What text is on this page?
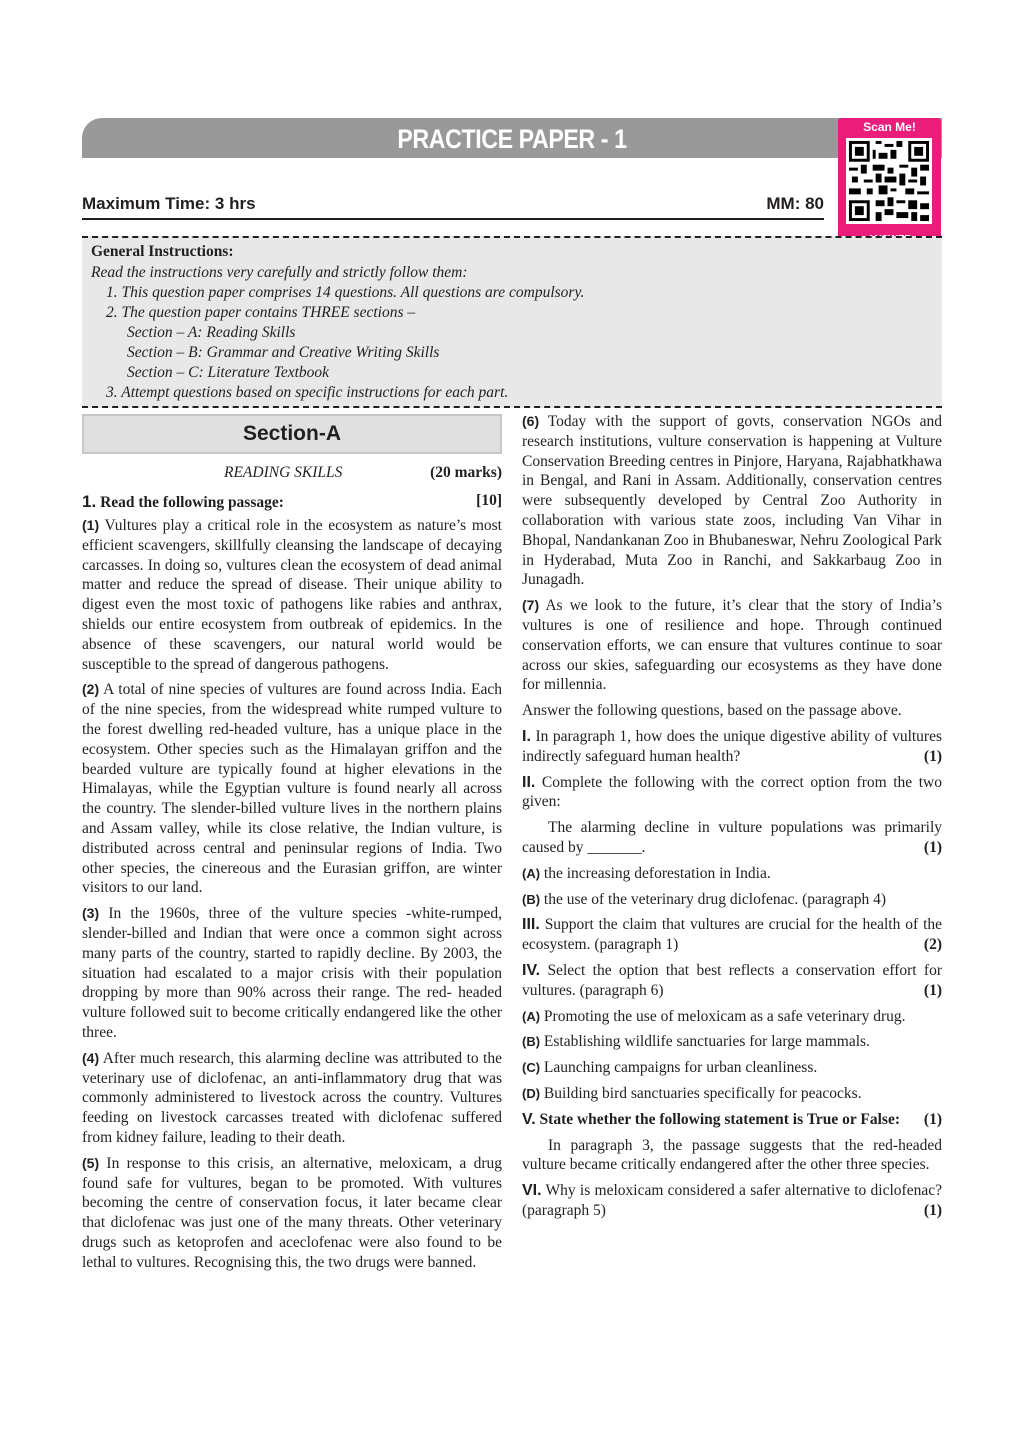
PRACTICE PAPER - 1	Scan Me!
Maximum Time: 3 hrs	MM: 80
General Instructions:
Read the instructions very carefully and strictly follow them:
1. This question paper comprises 14 questions. All questions are compulsory.
2. The question paper contains THREE sections –
Section – A: Reading Skills
Section – B: Grammar and Creative Writing Skills
Section – C: Literature Textbook
3. Attempt questions based on specific instructions for each part.
Section-A
READING SKILLS	(20 marks)
1. Read the following passage:	[10]

(1) Vultures play a critical role in the ecosystem as nature’s most efficient scavengers, skillfully cleansing the landscape of decaying carcasses. In doing so, vultures clean the ecosystem of dead animal matter and reduce the spread of disease. Their unique ability to digest even the most toxic of pathogens like rabies and anthrax, shields our entire ecosystem from outbreak of epidemics. In the absence of these scavengers, our natural world would be susceptible to the spread of dangerous pathogens.

(2) A total of nine species of vultures are found across India. Each of the nine species, from the widespread white rumped vulture to the forest dwelling red-headed vulture, has a unique place in the ecosystem. Other species such as the Himalayan griffon and the bearded vulture are typically found at higher elevations in the Himalayas, while the Egyptian vulture is found nearly all across the country. The slender-billed vulture lives in the northern plains and Assam valley, while its close relative, the Indian vulture, is distributed across central and peninsular regions of India. Two other species, the cinereous and the Eurasian griffon, are winter visitors to our land.

(3) In the 1960s, three of the vulture species -white-rumped, slender-billed and Indian that were once a common sight across many parts of the country, started to rapidly decline. By 2003, the situation had escalated to a major crisis with their population dropping by more than 90% across their range. The red- headed vulture followed suit to become critically endangered like the other three.

(4) After much research, this alarming decline was attributed to the veterinary use of diclofenac, an anti-inflammatory drug that was commonly administered to livestock across the country. Vultures feeding on livestock carcasses treated with diclofenac suffered from kidney failure, leading to their death.

(5) In response to this crisis, an alternative, meloxicam, a drug found safe for vultures, began to be promoted. With vultures becoming the centre of conservation focus, it later became clear that diclofenac was just one of the many threats. Other veterinary drugs such as ketoprofen and aceclofenac were also found to be lethal to vultures. Recognising this, the two drugs were banned.

(6) Today with the support of govts, conservation NGOs and research institutions, vulture conservation is happening at Vulture Conservation Breeding centres in Pinjore, Haryana, Rajabhatkhawa in Bengal, and Rani in Assam. Additionally, conservation centres were subsequently developed by Central Zoo Authority in collaboration with various state zoos, including Van Vihar in Bhopal, Nandankanan Zoo in Bhubaneswar, Nehru Zoological Park in Hyderabad, Muta Zoo in Ranchi, and Sakkarbaug Zoo in Junagadh.

(7) As we look to the future, it’s clear that the story of India’s vultures is one of resilience and hope. Through continued conservation efforts, we can ensure that vultures continue to soar across our skies, safeguarding our ecosystems as they have done for millennia.

Answer the following questions, based on the passage above.

I. In paragraph 1, how does the unique digestive ability of vultures indirectly safeguard human health?	(1)

II. Complete the following with the correct option from the two given:

The alarming decline in vulture populations was primarily caused by _______.	(1)

(A) the increasing deforestation in India.

(B) the use of the veterinary drug diclofenac. (paragraph 4)

III. Support the claim that vultures are crucial for the health of the ecosystem. (paragraph 1)	(2)

IV. Select the option that best reflects a conservation effort for vultures. (paragraph 6)	(1)

(A) Promoting the use of meloxicam as a safe veterinary drug.

(B) Establishing wildlife sanctuaries for large mammals.

(C) Launching campaigns for urban cleanliness.

(D) Building bird sanctuaries specifically for peacocks.

V. State whether the following statement is True or False: (1)

In paragraph 3, the passage suggests that the red-headed vulture became critically endangered after the other three species.

VI. Why is meloxicam considered a safer alternative to diclofenac? (paragraph 5)	(1)
